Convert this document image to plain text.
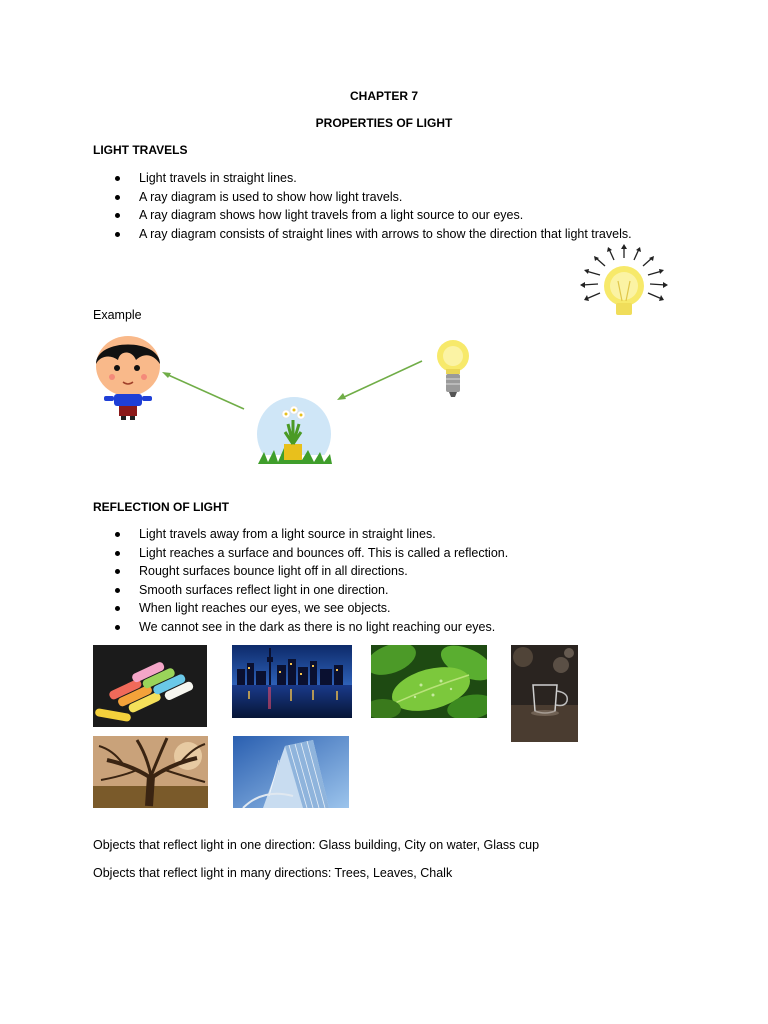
CHAPTER 7
PROPERTIES OF LIGHT
LIGHT TRAVELS
Light travels in straight lines.
A ray diagram is used to show how light travels.
A ray diagram shows how light travels from a light source to our eyes.
A ray diagram consists of straight lines with arrows to show the direction that light travels.
Example
REFLECTION OF LIGHT
Light travels away from a light source in straight lines.
Light reaches a surface and bounces off. This is called a reflection.
Rought surfaces bounce light off in all directions.
Smooth surfaces reflect light in one direction.
When light reaches our eyes, we see objects.
We cannot see in the dark as there is no light reaching our eyes.
Objects that reflect light in one direction: Glass building, City on water, Glass cup
Objects that reflect light in many directions: Trees, Leaves, Chalk
